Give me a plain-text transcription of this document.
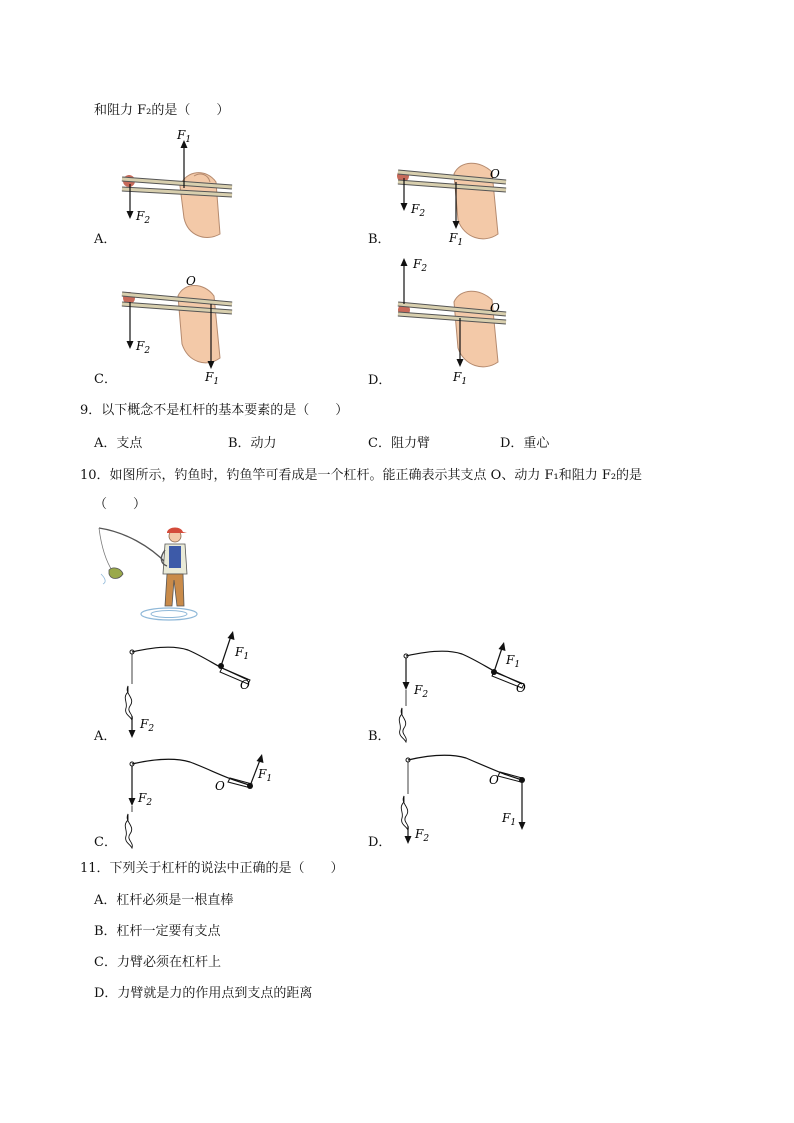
和阻力 F₂的是（　　）
$F_1$
$F_2$
A．
O
$F_2$
$F_1$
B．
O
$F_2$
$F_1$
C．
O
$F_2$
$F_1$
D．
9．以下概念不是杠杆的基本要素的是（　　）
A．支点	B．动力	C．阻力臂	D．重心
10．如图所示，钓鱼时，钓鱼竿可看成是一个杠杆。能正确表示其支点 O、动力 F₁和阻力 F₂的是
（　　）
$F_1$
O
$F_2$
A．
$F_1$
O
$F_2$
B．
$F_1$
O
$F_2$
C．
O
$F_1$
$F_2$
D．
11．下列关于杠杆的说法中正确的是（　　）
A．杠杆必须是一根直棒
B．杠杆一定要有支点
C．力臂必须在杠杆上
D．力臂就是力的作用点到支点的距离
